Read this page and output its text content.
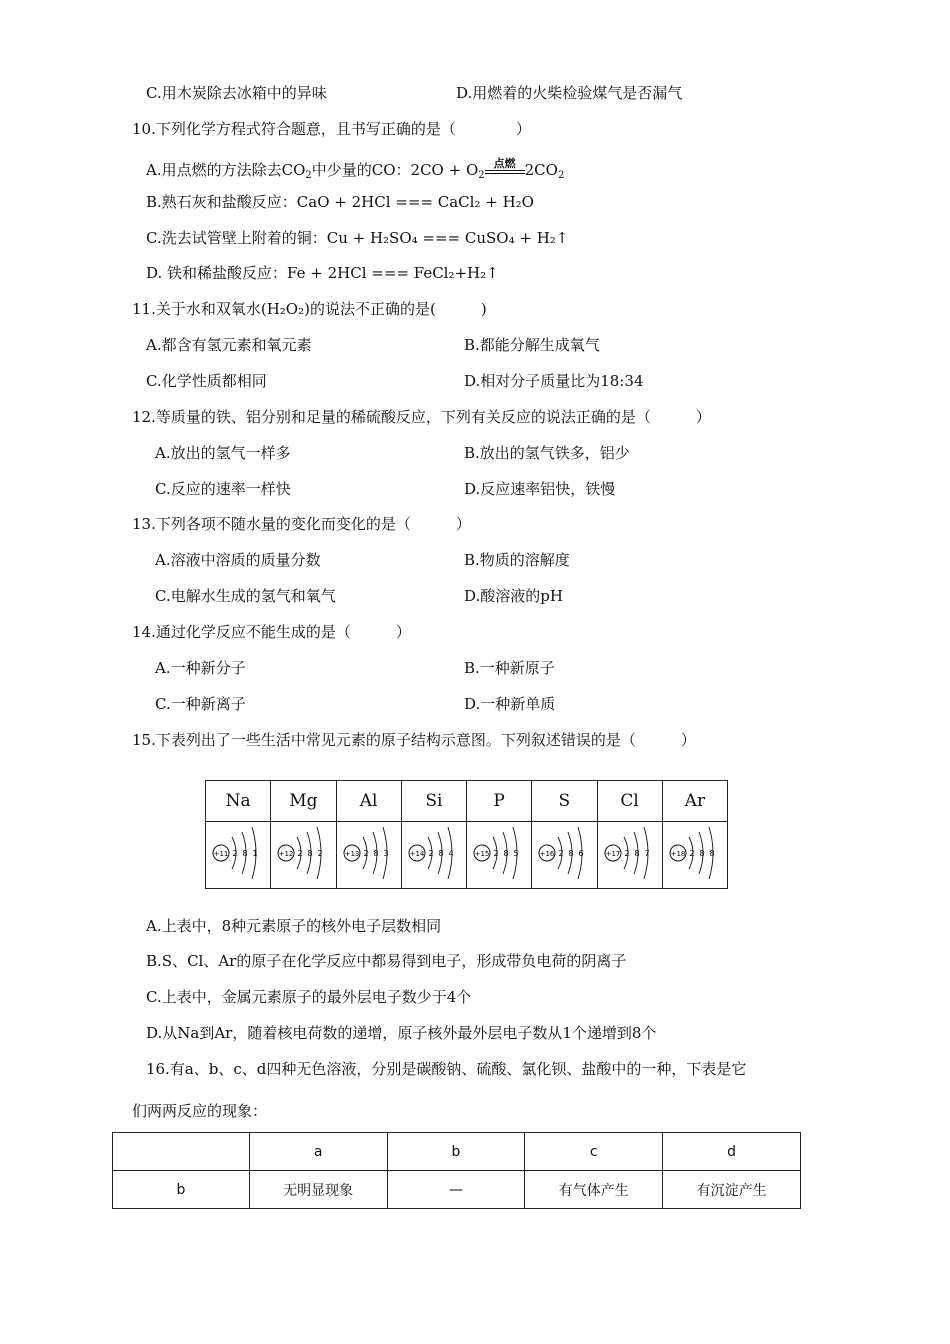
C.用木炭除去冰箱中的异味	D.用燃着的火柴检验煤气是否漏气
10.下列化学方程式符合题意，且书写正确的是（　　　　）
A.用点燃的方法除去$CO_2$中少量的CO：$2CO + O_2$
点燃 $2CO_2$
B.熟石灰和盐酸反应：CaO + 2HCl === CaCl₂ + H₂O
C.洗去试管壁上附着的铜：Cu + H₂SO₄ === CuSO₄ + H₂↑
D. 铁和稀盐酸反应：Fe + 2HCl === FeCl₂+H₂↑
11.关于水和双氧水(H₂O₂)的说法不正确的是(　　　)
A.都含有氢元素和氧元素	B.都能分解生成氧气
C.化学性质都相同	D.相对分子质量比为18:34
12.等质量的铁、铝分别和足量的稀硫酸反应，下列有关反应的说法正确的是（　　　）
A.放出的氢气一样多	B.放出的氢气铁多，铝少
C.反应的速率一样快	D.反应速率铝快，铁慢
13.下列各项不随水量的变化而变化的是（　　　）
A.溶液中溶质的质量分数	B.物质的溶解度
C.电解水生成的氢气和氧气	D.酸溶液的pH
14.通过化学反应不能生成的是（　　　）
A.一种新分子	B.一种新原子
C.一种新离子	D.一种新单质
15.下表列出了一些生活中常见元素的原子结构示意图。下列叙述错误的是（　　　）
Na	Mg	Al	Si	P	S	Cl	Ar

+11 2 8 1	+12 2 8 2	+13 2 8 3	+14 2 8 4	+15 2 8 5	+16 2 8 6	+17 2 8 7	+18 2 8 8
A.上表中，8种元素原子的核外电子层数相同
B.S、Cl、Ar的原子在化学反应中都易得到电子，形成带负电荷的阴离子
C.上表中，金属元素原子的最外层电子数少于4个
D.从Na到Ar，随着核电荷数的递增，原子核外最外层电子数从1个递增到8个
16.有a、b、c、d四种无色溶液，分别是碳酸钠、硫酸、氯化钡、盐酸中的一种，下表是它
们两两反应的现象：
	a	b	c	d
b	无明显现象	—	有气体产生	有沉淀产生
